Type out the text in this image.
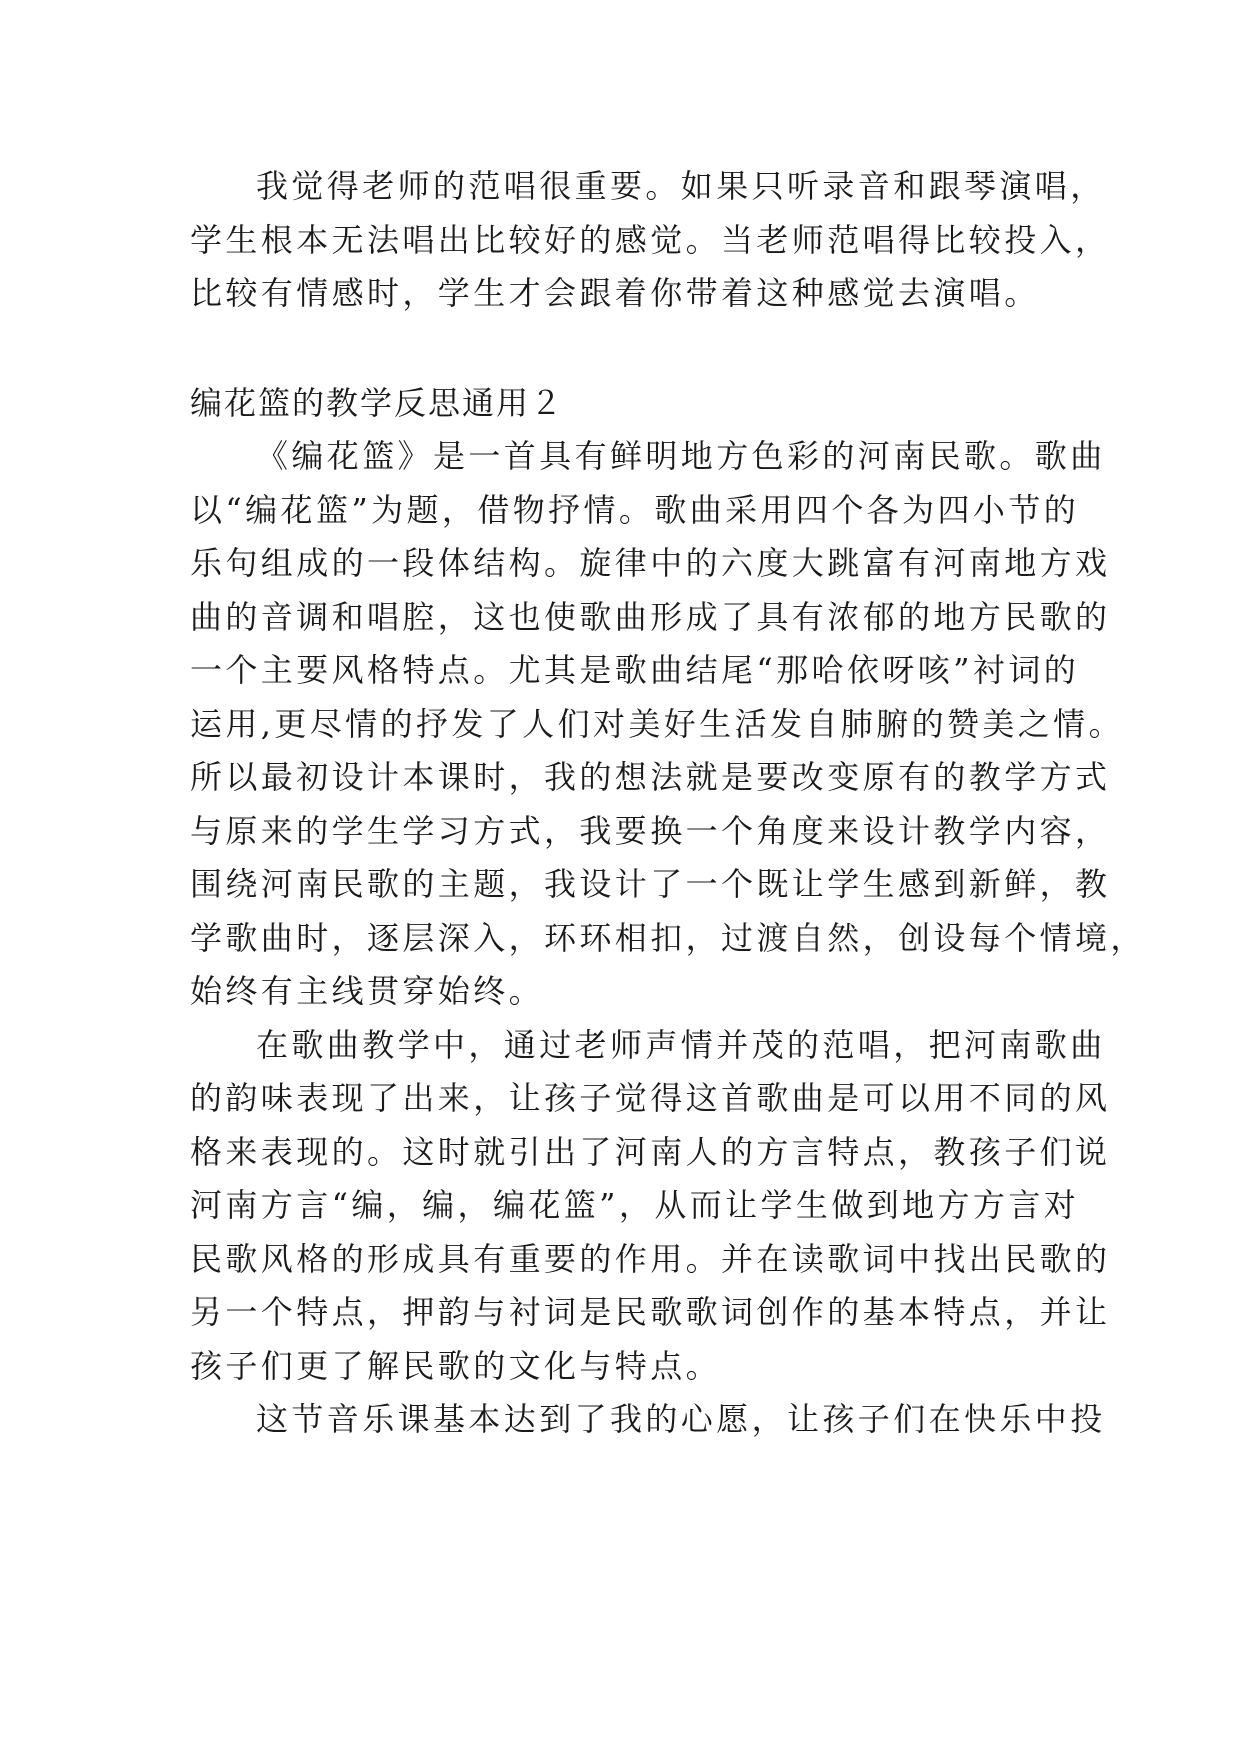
我觉得老师的范唱很重要。如果只听录音和跟琴演唱，
学生根本无法唱出比较好的感觉。当老师范唱得比较投入，
比较有情感时，学生才会跟着你带着这种感觉去演唱。
编花篮的教学反思通用２
《编花篮》是一首具有鲜明地方色彩的河南民歌。歌曲
以“编花篮”为题，借物抒情。歌曲采用四个各为四小节的
乐句组成的一段体结构。旋律中的六度大跳富有河南地方戏
曲的音调和唱腔，这也使歌曲形成了具有浓郁的地方民歌的
一个主要风格特点。尤其是歌曲结尾“那哈依呀咳”衬词的
运用,更尽情的抒发了人们对美好生活发自肺腑的赞美之情。
所以最初设计本课时，我的想法就是要改变原有的教学方式
与原来的学生学习方式，我要换一个角度来设计教学内容，
围绕河南民歌的主题，我设计了一个既让学生感到新鲜，教
学歌曲时，逐层深入，环环相扣，过渡自然，创设每个情境，
始终有主线贯穿始终。
在歌曲教学中，通过老师声情并茂的范唱，把河南歌曲
的韵味表现了出来，让孩子觉得这首歌曲是可以用不同的风
格来表现的。这时就引出了河南人的方言特点，教孩子们说
河南方言“编，编，编花篮”，从而让学生做到地方方言对
民歌风格的形成具有重要的作用。并在读歌词中找出民歌的
另一个特点，押韵与衬词是民歌歌词创作的基本特点，并让
孩子们更了解民歌的文化与特点。
这节音乐课基本达到了我的心愿，让孩子们在快乐中投
